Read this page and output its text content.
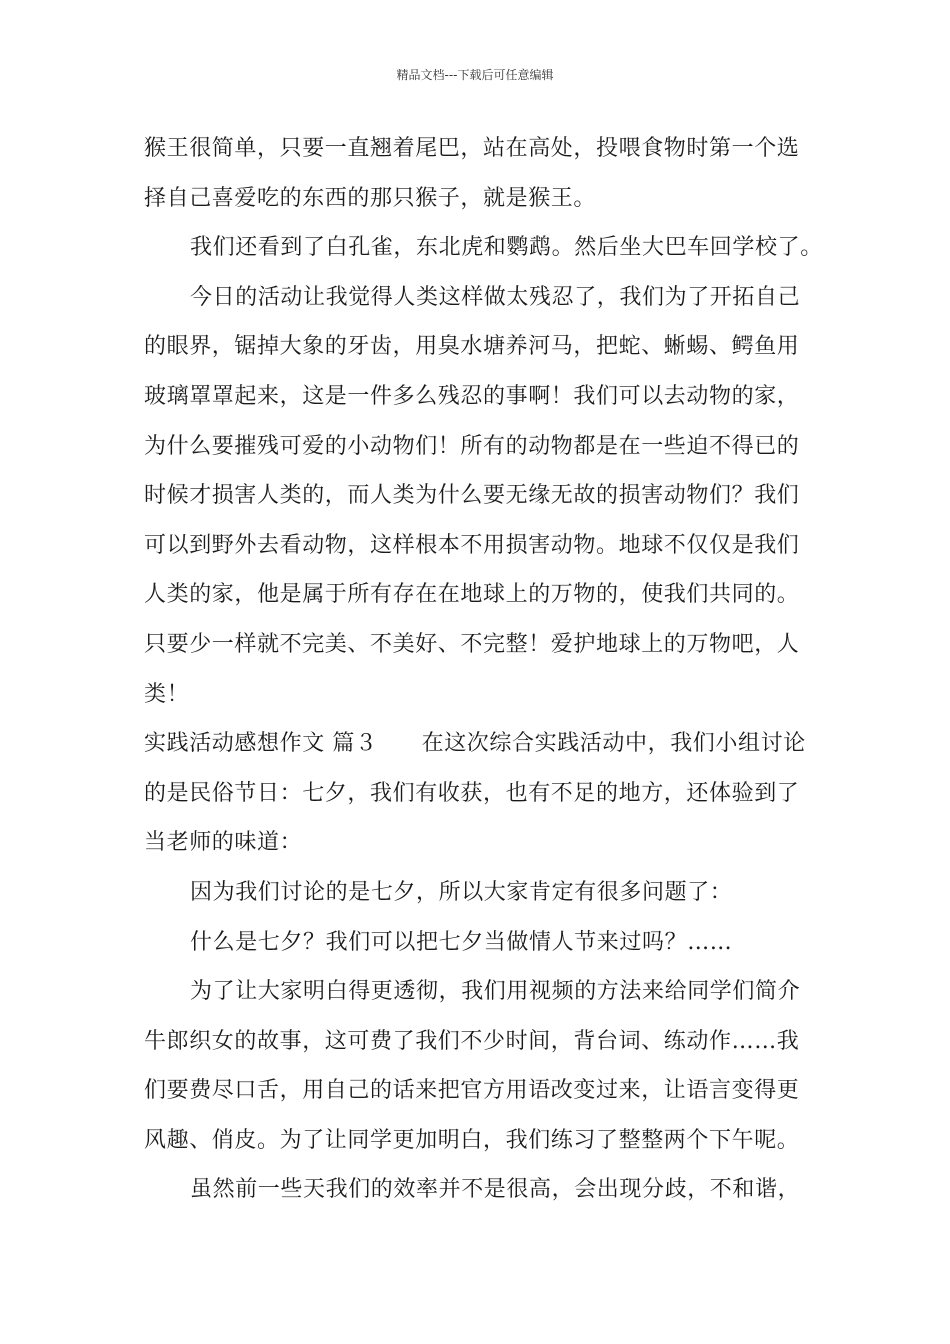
精品文档---下载后可任意编辑

猴王很简单，只要一直翘着尾巴，站在高处，投喂食物时第一个选
择自己喜爱吃的东西的那只猴子，就是猴王。

我们还看到了白孔雀，东北虎和鹦鹉。然后坐大巴车回学校了。

今日的活动让我觉得人类这样做太残忍了，我们为了开拓自己
的眼界，锯掉大象的牙齿，用臭水塘养河马，把蛇、蜥蜴、鳄鱼用
玻璃罩罩起来，这是一件多么残忍的事啊！我们可以去动物的家，
为什么要摧残可爱的小动物们！所有的动物都是在一些迫不得已的
时候才损害人类的，而人类为什么要无缘无故的损害动物们？我们
可以到野外去看动物，这样根本不用损害动物。地球不仅仅是我们
人类的家，他是属于所有存在在地球上的万物的，使我们共同的。
只要少一样就不完美、不美好、不完整！爱护地球上的万物吧，人
类！

实践活动感想作文 篇３ 在这次综合实践活动中，我们小组讨论
的是民俗节日：七夕，我们有收获，也有不足的地方，还体验到了
当老师的味道：

因为我们讨论的是七夕，所以大家肯定有很多问题了：

什么是七夕？我们可以把七夕当做情人节来过吗？……

为了让大家明白得更透彻，我们用视频的方法来给同学们简介
牛郎织女的故事，这可费了我们不少时间，背台词、练动作……我
们要费尽口舌，用自己的话来把官方用语改变过来，让语言变得更
风趣、俏皮。为了让同学更加明白，我们练习了整整两个下午呢。

虽然前一些天我们的效率并不是很高，会出现分歧，不和谐，
